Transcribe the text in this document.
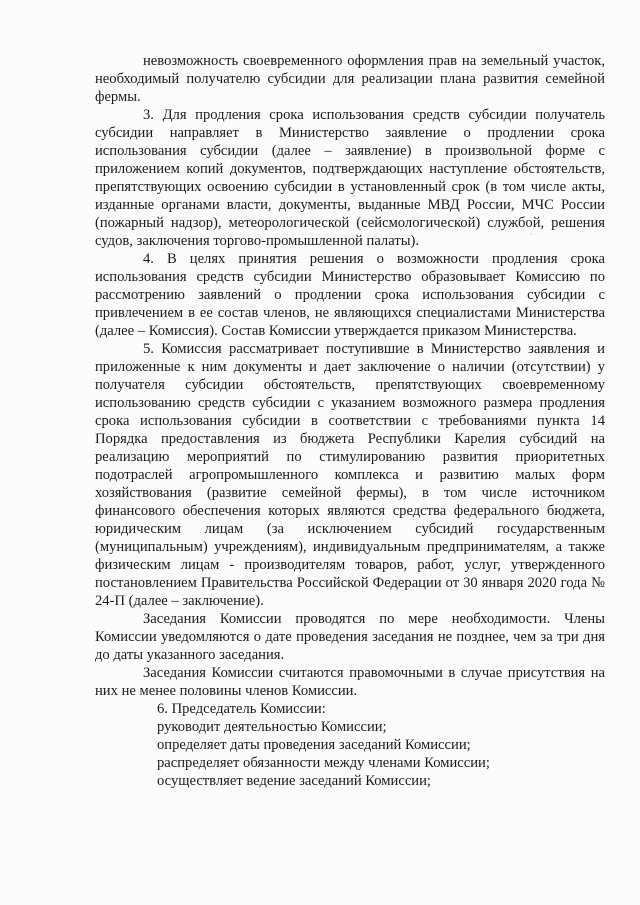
невозможность своевременного оформления прав на земельный участок, необходимый получателю субсидии для реализации плана развития семейной фермы.

3. Для продления срока использования средств субсидии получатель субсидии направляет в Министерство заявление о продлении срока использования субсидии (далее – заявление) в произвольной форме с приложением копий документов, подтверждающих наступление обстоятельств, препятствующих освоению субсидии в установленный срок (в том числе акты, изданные органами власти, документы, выданные МВД России, МЧС России (пожарный надзор), метеорологической (сейсмологической) службой, решения судов, заключения торгово-промышленной палаты).

4. В целях принятия решения о возможности продления срока использования средств субсидии Министерство образовывает Комиссию по рассмотрению заявлений о продлении срока использования субсидии с привлечением в ее состав членов, не являющихся специалистами Министерства (далее – Комиссия). Состав Комиссии утверждается приказом Министерства.

5. Комиссия рассматривает поступившие в Министерство заявления и приложенные к ним документы и дает заключение о наличии (отсутствии) у получателя субсидии обстоятельств, препятствующих своевременному использованию средств субсидии с указанием возможного размера продления срока использования субсидии в соответствии с требованиями пункта 14 Порядка предоставления из бюджета Республики Карелия субсидий на реализацию мероприятий по стимулированию развития приоритетных подотраслей агропромышленного комплекса и развитию малых форм хозяйствования (развитие семейной фермы), в том числе источником финансового обеспечения которых являются средства федерального бюджета, юридическим лицам (за исключением субсидий государственным (муниципальным) учреждениям), индивидуальным предпринимателям, а также физическим лицам - производителям товаров, работ, услуг, утвержденного постановлением Правительства Российской Федерации от 30 января 2020 года № 24-П (далее – заключение).

Заседания Комиссии проводятся по мере необходимости. Члены Комиссии уведомляются о дате проведения заседания не позднее, чем за три дня до даты указанного заседания.

Заседания Комиссии считаются правомочными в случае присутствия на них не менее половины членов Комиссии.

6. Председатель Комиссии:

руководит деятельностью Комиссии;

определяет даты проведения заседаний Комиссии;

распределяет обязанности между членами Комиссии;

осуществляет ведение заседаний Комиссии;
